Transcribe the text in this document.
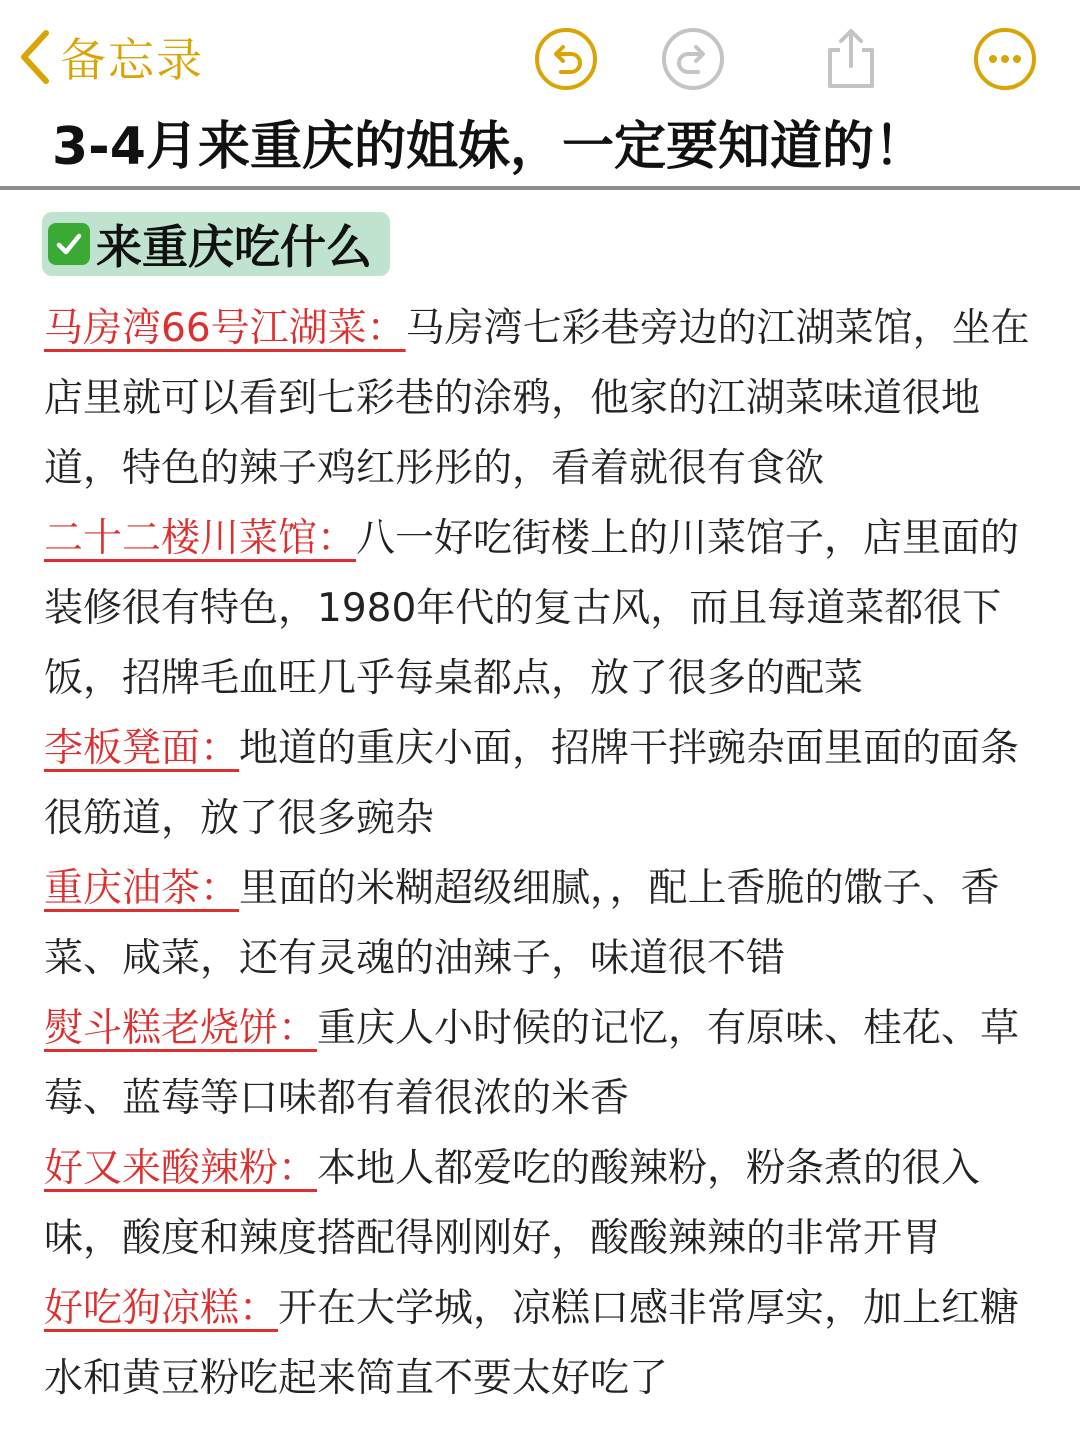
备忘录
3-4月来重庆的姐妹，一定要知道的！
来重庆吃什么

马房湾66号江湖菜：马房湾七彩巷旁边的江湖菜馆，坐在店里就可以看到七彩巷的涂鸦，他家的江湖菜味道很地道，特色的辣子鸡红彤彤的，看着就很有食欲

二十二楼川菜馆：八一好吃街楼上的川菜馆子，店里面的装修很有特色，1980年代的复古风，而且每道菜都很下饭，招牌毛血旺几乎每桌都点，放了很多的配菜

李板凳面：地道的重庆小面，招牌干拌豌杂面里面的面条很筋道，放了很多豌杂

重庆油茶：里面的米糊超级细腻，，配上香脆的馓子、香菜、咸菜，还有灵魂的油辣子，味道很不错

熨斗糕老烧饼：重庆人小时候的记忆，有原味、桂花、草莓、蓝莓等口味都有着很浓的米香

好又来酸辣粉：本地人都爱吃的酸辣粉，粉条煮的很入味，酸度和辣度搭配得刚刚好，酸酸辣辣的非常开胃

好吃狗凉糕：开在大学城，凉糕口感非常厚实，加上红糖水和黄豆粉吃起来简直不要太好吃了
